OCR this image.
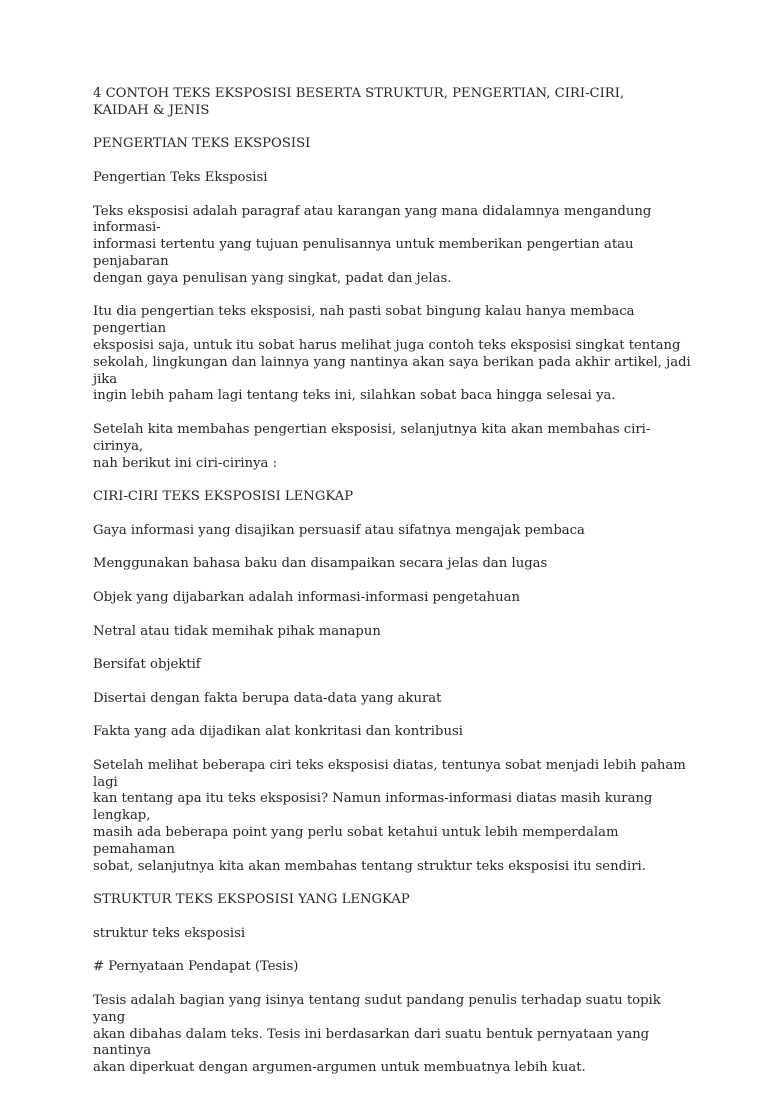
4 CONTOH TEKS EKSPOSISI BESERTA STRUKTUR, PENGERTIAN, CIRI-CIRI,
KAIDAH & JENIS

PENGERTIAN TEKS EKSPOSISI

Pengertian Teks Eksposisi

Teks eksposisi adalah paragraf atau karangan yang mana didalamnya mengandung informasi-
informasi tertentu yang tujuan penulisannya untuk memberikan pengertian atau penjabaran
dengan gaya penulisan yang singkat, padat dan jelas.

Itu dia pengertian teks eksposisi, nah pasti sobat bingung kalau hanya membaca pengertian
eksposisi saja, untuk itu sobat harus melihat juga contoh teks eksposisi singkat tentang
sekolah, lingkungan dan lainnya yang nantinya akan saya berikan pada akhir artikel, jadi jika
ingin lebih paham lagi tentang teks ini, silahkan sobat baca hingga selesai ya.

Setelah kita membahas pengertian eksposisi, selanjutnya kita akan membahas ciri-cirinya,
nah berikut ini ciri-cirinya :

CIRI-CIRI TEKS EKSPOSISI LENGKAP

Gaya informasi yang disajikan persuasif atau sifatnya mengajak pembaca

Menggunakan bahasa baku dan disampaikan secara jelas dan lugas

Objek yang dijabarkan adalah informasi-informasi pengetahuan

Netral atau tidak memihak pihak manapun

Bersifat objektif

Disertai dengan fakta berupa data-data yang akurat

Fakta yang ada dijadikan alat konkritasi dan kontribusi

Setelah melihat beberapa ciri teks eksposisi diatas, tentunya sobat menjadi lebih paham lagi
kan tentang apa itu teks eksposisi? Namun informas-informasi diatas masih kurang lengkap,
masih ada beberapa point yang perlu sobat ketahui untuk lebih memperdalam pemahaman
sobat, selanjutnya kita akan membahas tentang struktur teks eksposisi itu sendiri.

STRUKTUR TEKS EKSPOSISI YANG LENGKAP

struktur teks eksposisi

# Pernyataan Pendapat (Tesis)

Tesis adalah bagian yang isinya tentang sudut pandang penulis terhadap suatu topik yang
akan dibahas dalam teks. Tesis ini berdasarkan dari suatu bentuk pernyataan yang nantinya
akan diperkuat dengan argumen-argumen untuk membuatnya lebih kuat.
